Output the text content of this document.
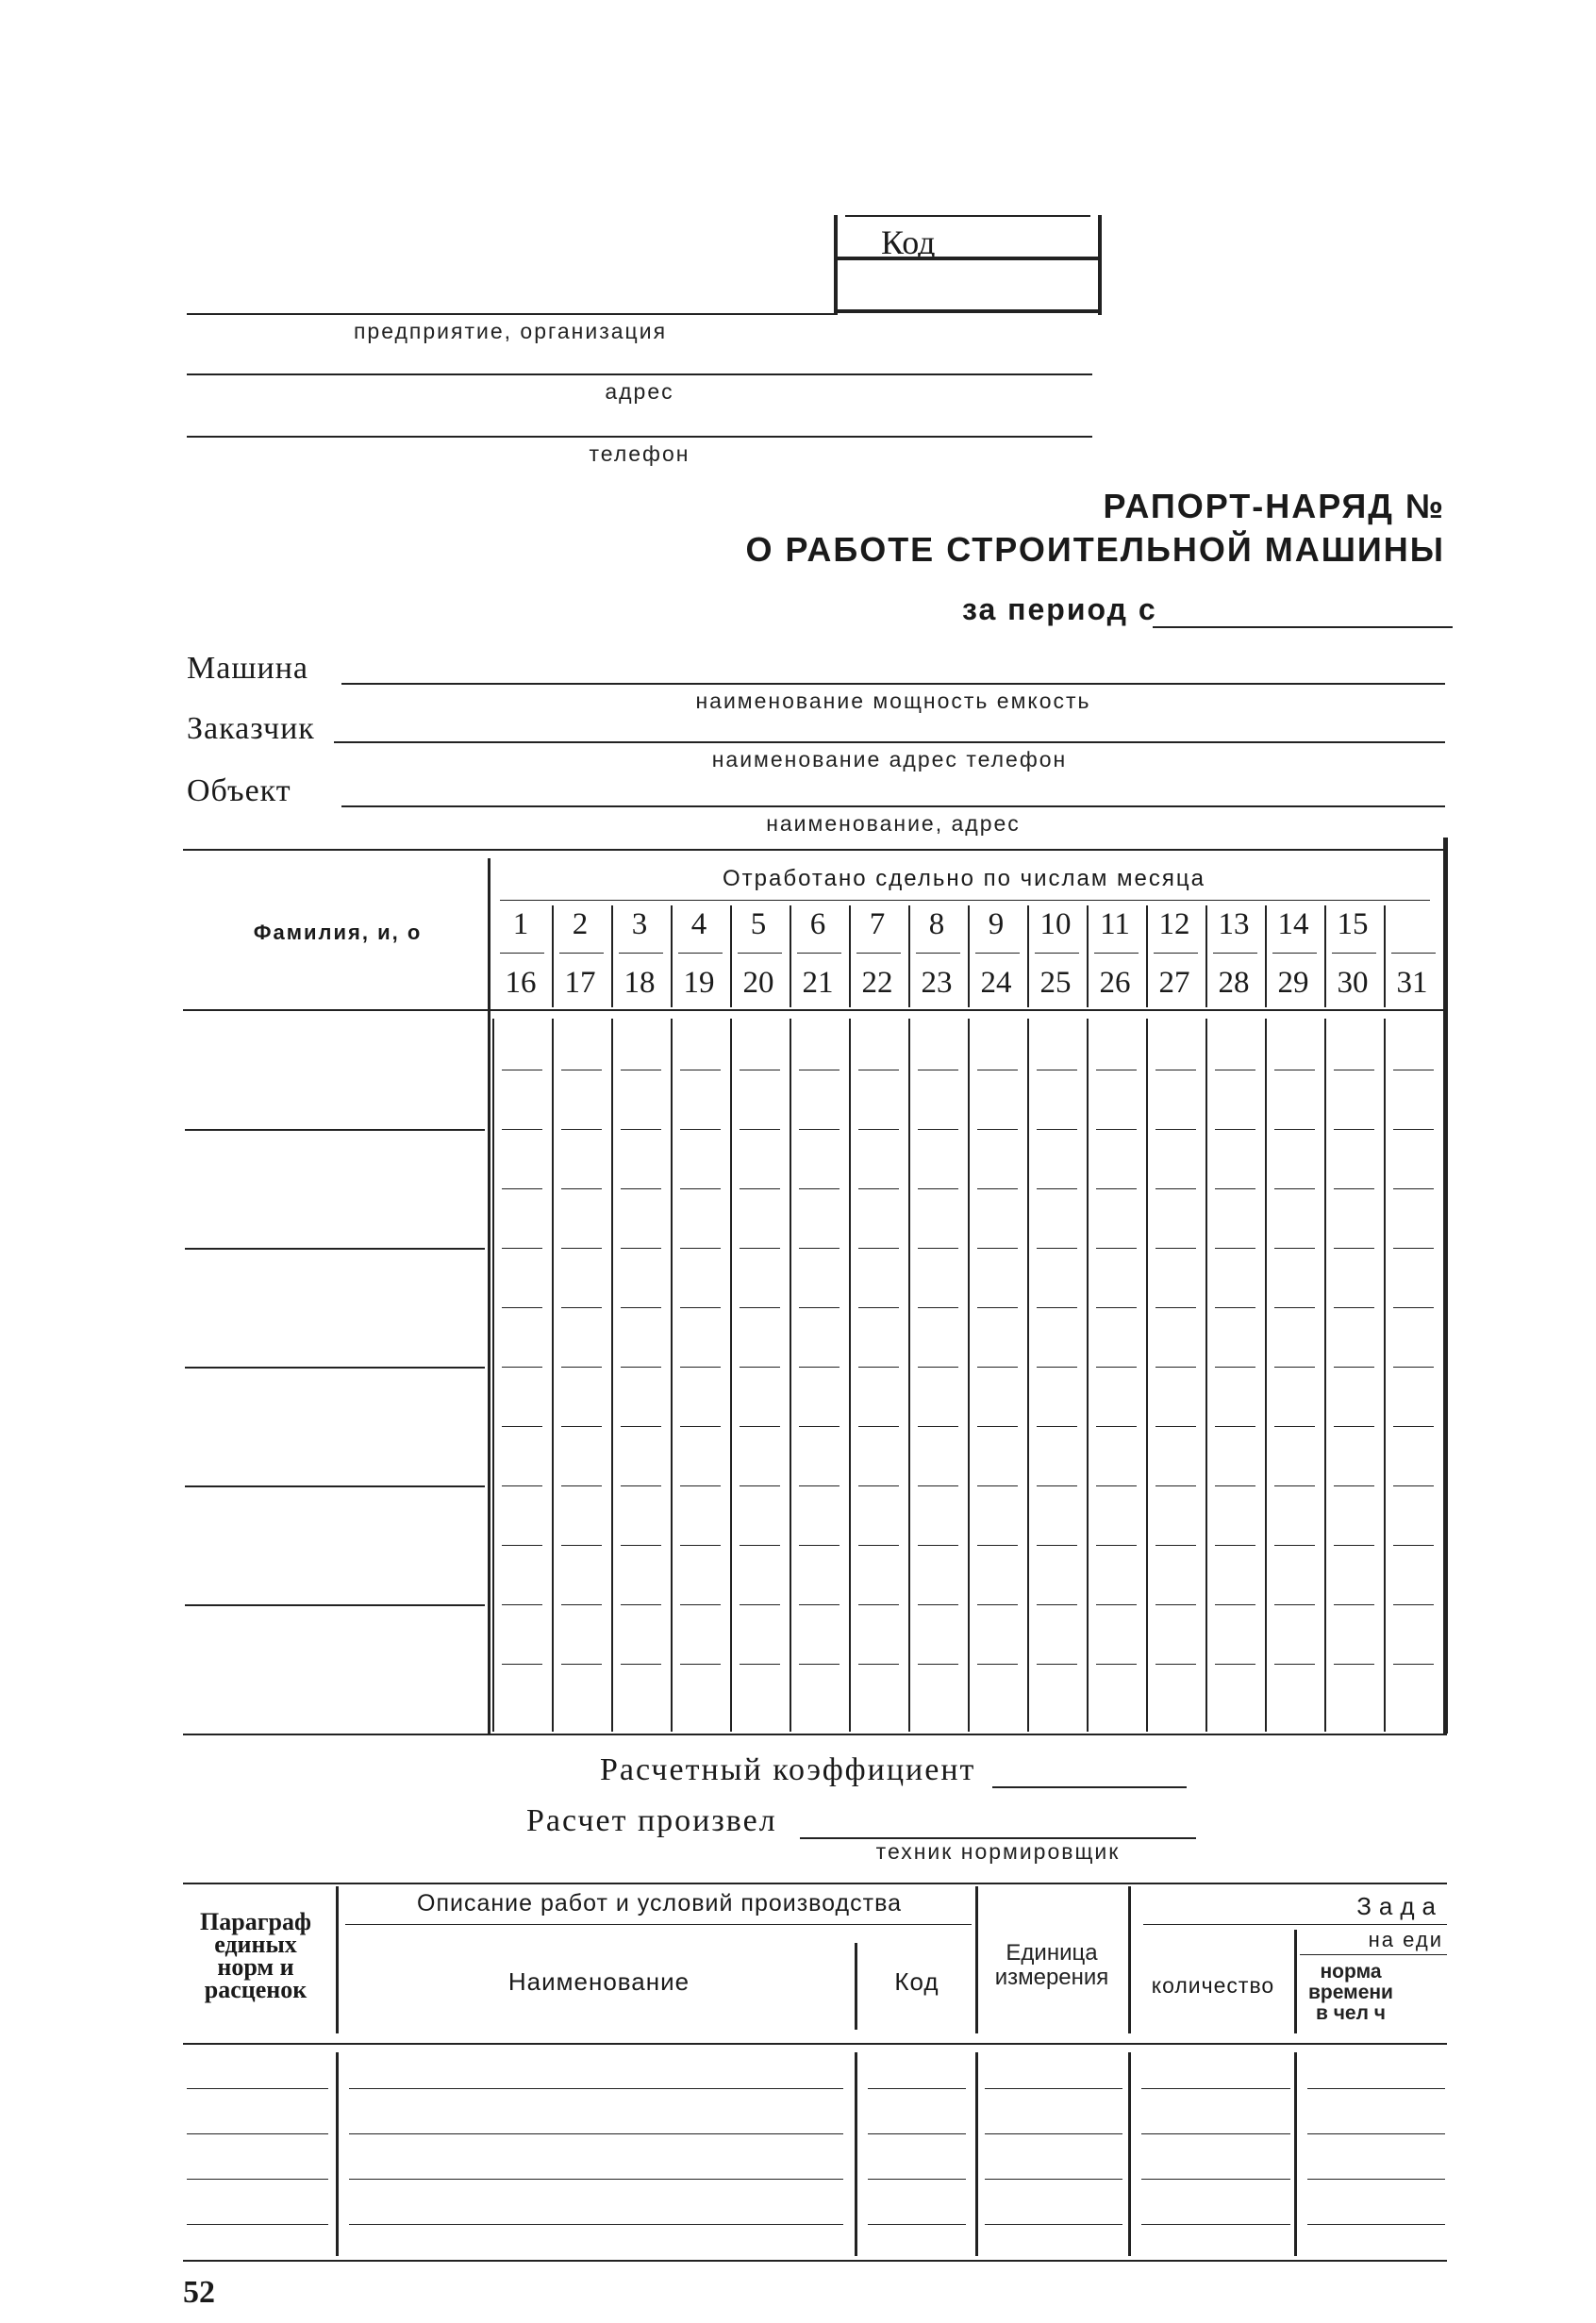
Код
предприятие, организация
адрес
телефон
РАПОРТ-НАРЯД №
О РАБОТЕ СТРОИТЕЛЬНОЙ МАШИНЫ
за период с
Машина
наименование мощность емкость
Заказчик
наименование адрес телефон
Объект
наименование, адрес
Фамилия, и, о
Отработано сдельно по числам месяца
1	2	3	4	5	6	7	8	9	10 11 12 13 14 15
16 17 18 19 20 21 22 23 24 25 26 27 28 29 30 31
Расчетный коэффициент
Расчет произвел
техник нормировщик
Параграф единых норм и расценок
Описание работ и условий производства
Наименование	Код
Единица измерения
Зада
на еди
количество
норма времени в чел ч
52
